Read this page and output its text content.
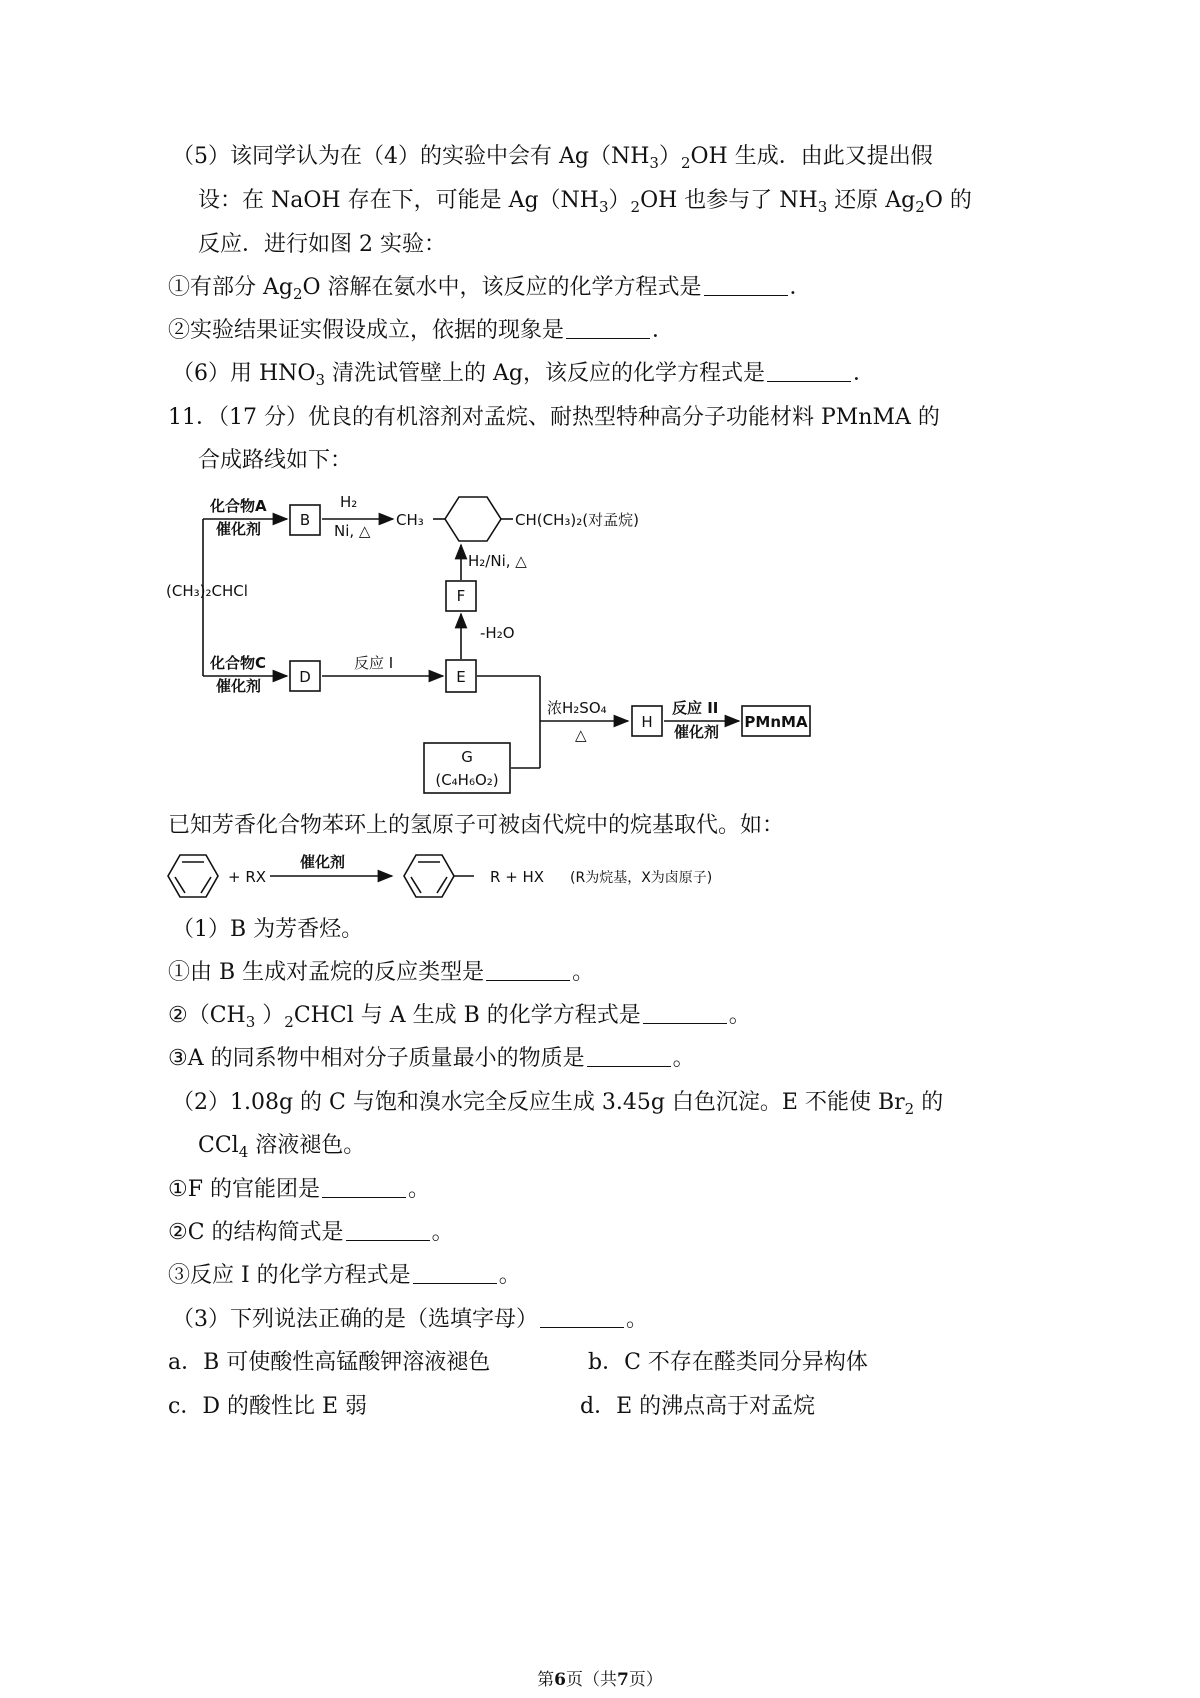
（5）该同学认为在（4）的实验中会有 $Ag(NH_3)_2OH$ 生成．由此又提出假
设：在 NaOH 存在下，可能是 $Ag(NH_3)_2OH$ 也参与了 $NH_3$ 还原 $Ag_2O$ 的
反应．进行如图 2 实验：
①有部分 $Ag_2O$ 溶解在氨水中，该反应的化学方程式是	．
②实验结果证实假设成立，依据的现象是	．
（6）用 $HNO_3$ 清洗试管壁上的 Ag，该反应的化学方程式是	．
11．（17 分）优良的有机溶剂对孟烷、耐热型特种高分子功能材料 PMnMA 的
合成路线如下：
(CH₃)₂CHCl
化合物A
催化剂	B
H₂
Ni, △
CH₃	CH(CH₃)₂(对孟烷)
H₂/Ni, △
F
-H₂O
化合物C
催化剂	D
反应 I
E
浓H₂SO₄
△
H
反应 II
催化剂
PMnMA
G
(C₄H₆O₂)
已知芳香化合物苯环上的氢原子可被卤代烷中的烷基取代。如：
+ RX
催化剂
R + HX (R为烷基，X为卤原子)
（1）B 为芳香烃。
①由 B 生成对孟烷的反应类型是	。
$②(CH_3$ ）$_2CHCl$ 与 A 生成 B 的化学方程式是	。
③A 的同系物中相对分子质量最小的物质是	。
（2）1.08g 的 C 与饱和溴水完全反应生成 3.45g 白色沉淀。E 不能使 $Br_2$ 的
CCl$_4$ 溶液褪色。
①F 的官能团是	。
②C 的结构简式是	。
③反应 I 的化学方程式是	。
（3）下列说法正确的是（选填字母）	。
a．B 可使酸性高锰酸钾溶液褪色	b．C 不存在醛类同分异构体
c．D 的酸性比 E 弱	d．E 的沸点高于对孟烷
第6页（共7页）
